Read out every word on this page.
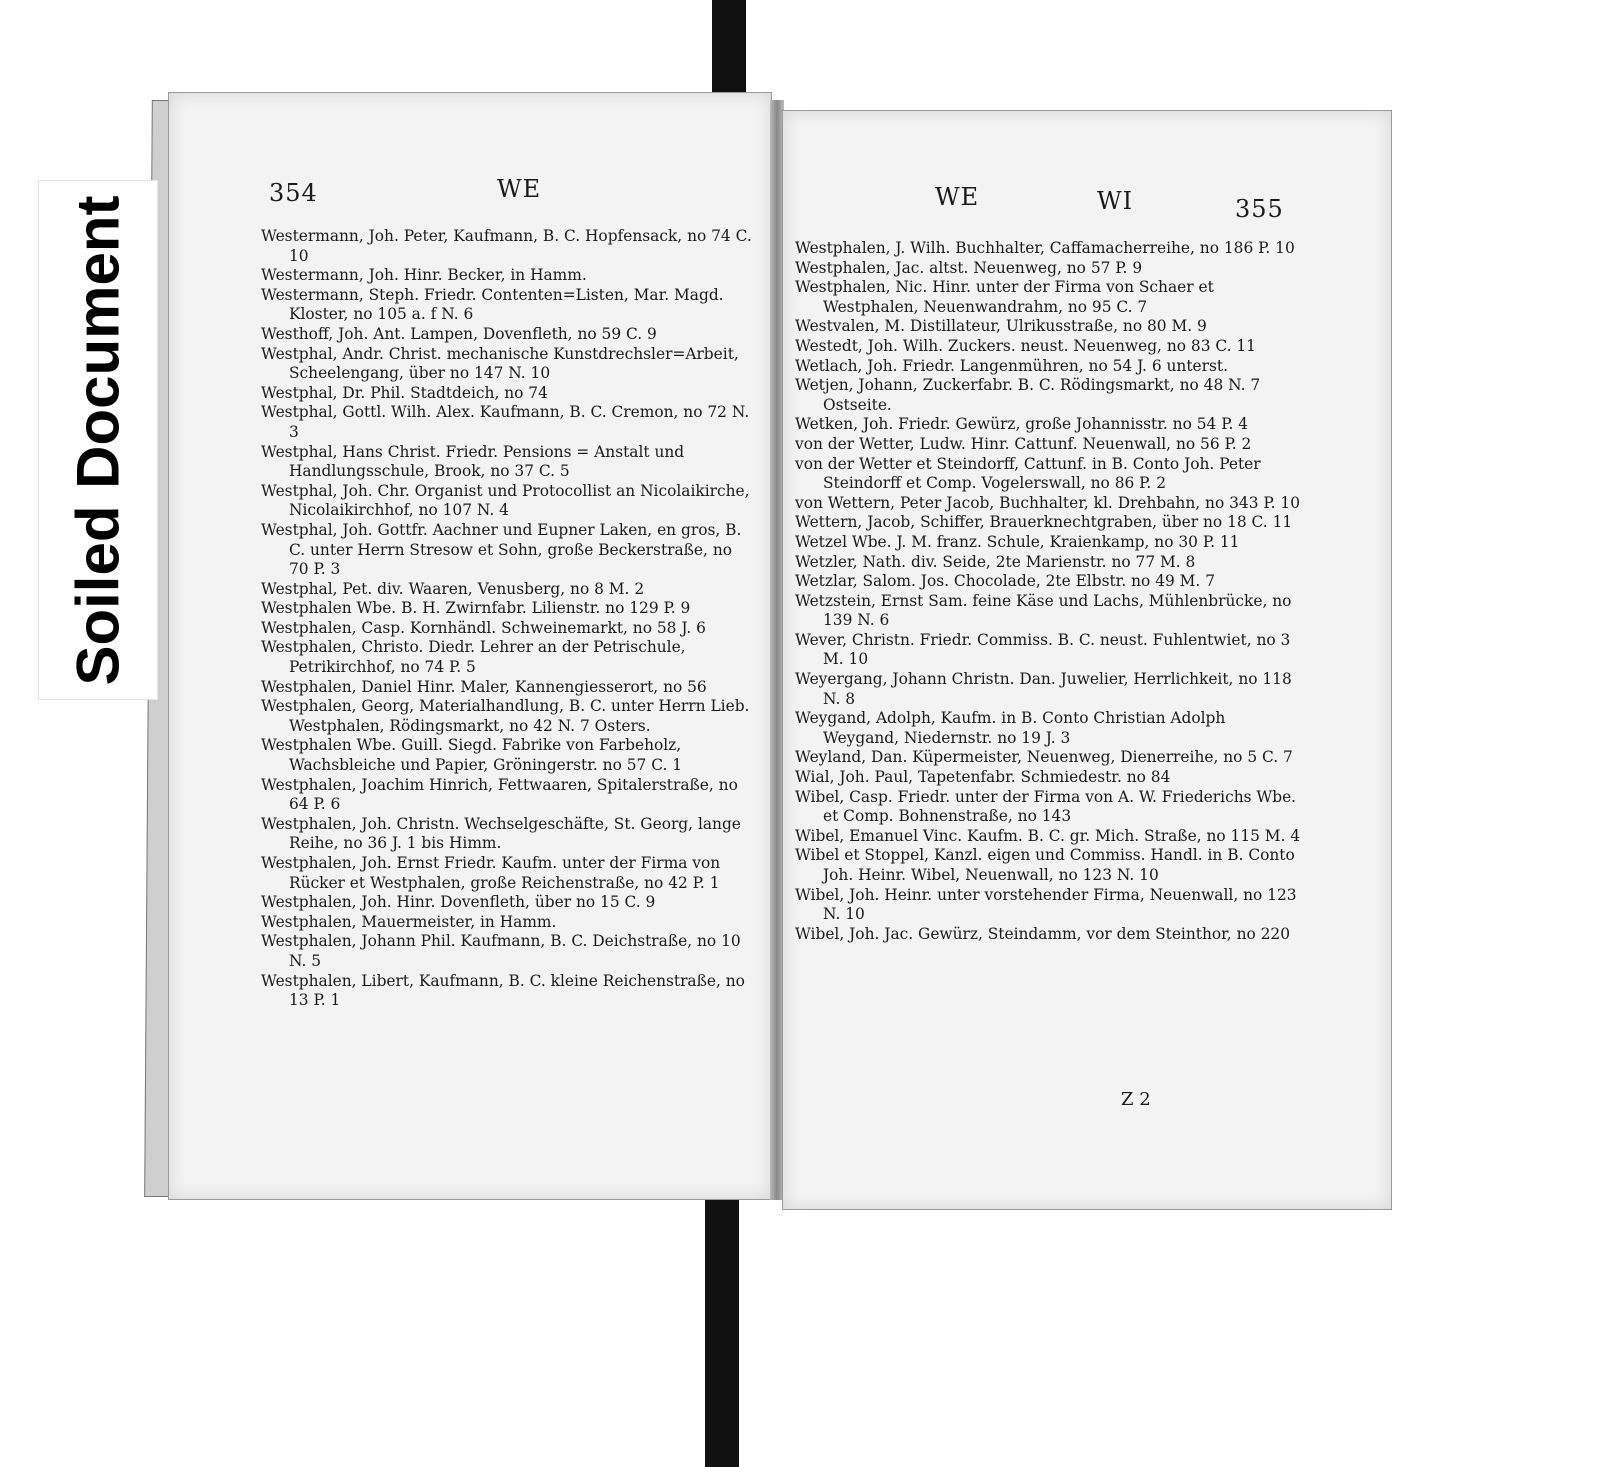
Soiled Document
354	WE
Westermann, Joh. Peter, Kaufmann, B. C. Hopfensack, no 74 C. 10
Westermann, Joh. Hinr. Becker, in Hamm.
Westermann, Steph. Friedr. Contenten=Listen, Mar. Magd. Kloster, no 105 a. f N. 6
Westhoff, Joh. Ant. Lampen, Dovenfleth, no 59 C. 9
Westphal, Andr. Christ. mechanische Kunstdrechsler=Arbeit, Scheelengang, über no 147 N. 10
Westphal, Dr. Phil. Stadtdeich, no 74
Westphal, Gottl. Wilh. Alex. Kaufmann, B. C. Cremon, no 72 N. 3
Westphal, Hans Christ. Friedr. Pensions = Anstalt und Handlungsschule, Brook, no 37 C. 5
Westphal, Joh. Chr. Organist und Protocollist an Nicolaikirche, Nicolaikirchhof, no 107 N. 4
Westphal, Joh. Gottfr. Aachner und Eupner Laken, en gros, B. C. unter Herrn Stresow et Sohn, große Beckerstraße, no 70 P. 3
Westphal, Pet. div. Waaren, Venusberg, no 8 M. 2
Westphalen Wbe. B. H. Zwirnfabr. Lilienstr. no 129 P. 9
Westphalen, Casp. Kornhändl. Schweinemarkt, no 58 J. 6
Westphalen, Christo. Diedr. Lehrer an der Petrischule, Petrikirchhof, no 74 P. 5
Westphalen, Daniel Hinr. Maler, Kannengiesserort, no 56
Westphalen, Georg, Materialhandlung, B. C. unter Herrn Lieb. Westphalen, Rödingsmarkt, no 42 N. 7 Osters.
Westphalen Wbe. Guill. Siegd. Fabrike von Farbeholz, Wachsbleiche und Papier, Gröningerstr. no 57 C. 1
Westphalen, Joachim Hinrich, Fettwaaren, Spitalerstraße, no 64 P. 6
Westphalen, Joh. Christn. Wechselgeschäfte, St. Georg, lange Reihe, no 36 J. 1 bis Himm.
Westphalen, Joh. Ernst Friedr. Kaufm. unter der Firma von Rücker et Westphalen, große Reichenstraße, no 42 P. 1
Westphalen, Joh. Hinr. Dovenfleth, über no 15 C. 9
Westphalen, Mauermeister, in Hamm.
Westphalen, Johann Phil. Kaufmann, B. C. Deichstraße, no 10 N. 5
Westphalen, Libert, Kaufmann, B. C. kleine Reichenstraße, no 13 P. 1
WE	WI	355
Westphalen, J. Wilh. Buchhalter, Caffamacherreihe, no 186 P. 10
Westphalen, Jac. altst. Neuenweg, no 57 P. 9
Westphalen, Nic. Hinr. unter der Firma von Schaer et Westphalen, Neuenwandrahm, no 95 C. 7
Westvalen, M. Distillateur, Ulrikusstraße, no 80 M. 9
Westedt, Joh. Wilh. Zuckers. neust. Neuenweg, no 83 C. 11
Wetlach, Joh. Friedr. Langenmühren, no 54 J. 6 unterst.
Wetjen, Johann, Zuckerfabr. B. C. Rödingsmarkt, no 48 N. 7 Ostseite.
Wetken, Joh. Friedr. Gewürz, große Johannisstr. no 54 P. 4
von der Wetter, Ludw. Hinr. Cattunf. Neuenwall, no 56 P. 2
von der Wetter et Steindorff, Cattunf. in B. Conto Joh. Peter Steindorff et Comp. Vogelerswall, no 86 P. 2
von Wettern, Peter Jacob, Buchhalter, kl. Drehbahn, no 343 P. 10
Wettern, Jacob, Schiffer, Brauerknechtgraben, über no 18 C. 11
Wetzel Wbe. J. M. franz. Schule, Kraienkamp, no 30 P. 11
Wetzler, Nath. div. Seide, 2te Marienstr. no 77 M. 8
Wetzlar, Salom. Jos. Chocolade, 2te Elbstr. no 49 M. 7
Wetzstein, Ernst Sam. feine Käse und Lachs, Mühlenbrücke, no 139 N. 6
Wever, Christn. Friedr. Commiss. B. C. neust. Fuhlentwiet, no 3 M. 10
Weyergang, Johann Christn. Dan. Juwelier, Herrlichkeit, no 118 N. 8
Weygand, Adolph, Kaufm. in B. Conto Christian Adolph Weygand, Niedernstr. no 19 J. 3
Weyland, Dan. Küpermeister, Neuenweg, Dienerreihe, no 5 C. 7
Wial, Joh. Paul, Tapetenfabr. Schmiedestr. no 84
Wibel, Casp. Friedr. unter der Firma von A. W. Friederichs Wbe. et Comp. Bohnenstraße, no 143
Wibel, Emanuel Vinc. Kaufm. B. C. gr. Mich. Straße, no 115 M. 4
Wibel et Stoppel, Kanzl. eigen und Commiss. Handl. in B. Conto Joh. Heinr. Wibel, Neuenwall, no 123 N. 10
Wibel, Joh. Heinr. unter vorstehender Firma, Neuenwall, no 123 N. 10
Wibel, Joh. Jac. Gewürz, Steindamm, vor dem Steinthor, no 220
Z 2
